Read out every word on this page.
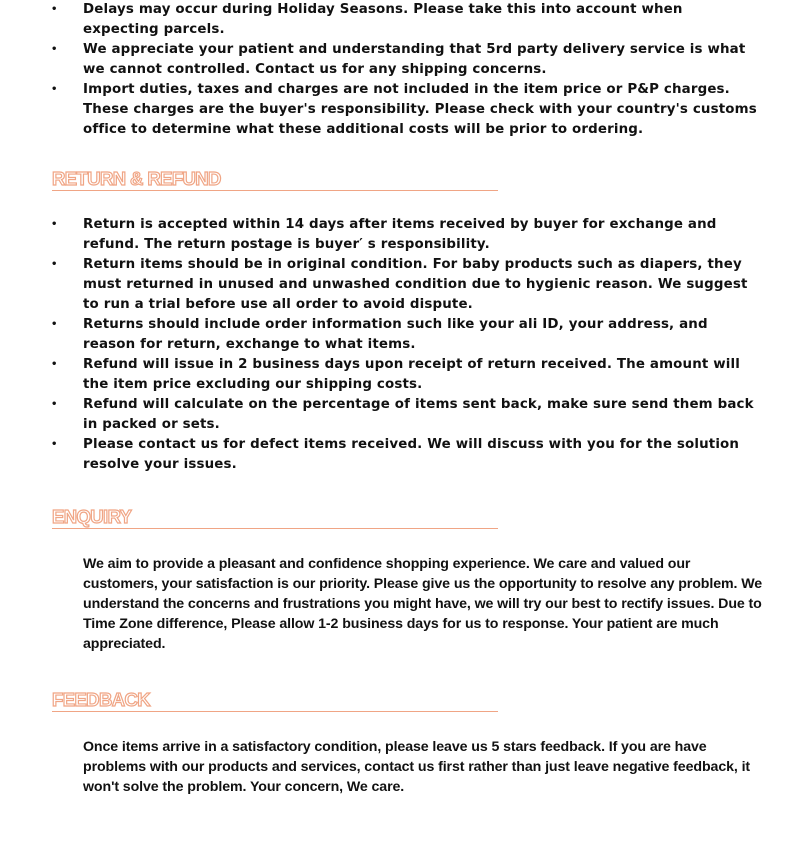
• Delays may occur during Holiday Seasons. Please take this into account when expecting parcels.
• We appreciate your patient and understanding that 5rd party delivery service is what we cannot controlled. Contact us for any shipping concerns.
• Import duties, taxes and charges are not included in the item price or P&P charges. These charges are the buyer's responsibility. Please check with your country's customs office to determine what these additional costs will be prior to ordering.
RETURN & REFUND
• Return is accepted within 14 days after items received by buyer for exchange and refund. The return postage is buyer′ s responsibility.
• Return items should be in original condition. For baby products such as diapers, they must returned in unused and unwashed condition due to hygienic reason. We suggest to run a trial before use all order to avoid dispute.
• Returns should include order information such like your ali ID, your address, and reason for return, exchange to what items.
• Refund will issue in 2 business days upon receipt of return received. The amount will the item price excluding our shipping costs.
• Refund will calculate on the percentage of items sent back, make sure send them back in packed or sets.
• Please contact us for defect items received. We will discuss with you for the solution resolve your issues.
ENQUIRY

We aim to provide a pleasant and confidence shopping experience. We care and valued our customers, your satisfaction is our priority. Please give us the opportunity to resolve any problem. We understand the concerns and frustrations you might have, we will try our best to rectify issues. Due to Time Zone difference, Please allow 1-2 business days for us to response. Your patient are much appreciated.

FEEDBACK

Once items arrive in a satisfactory condition, please leave us 5 stars feedback. If you are have problems with our products and services, contact us first rather than just leave negative feedback, it won't solve the problem. Your concern, We care.
